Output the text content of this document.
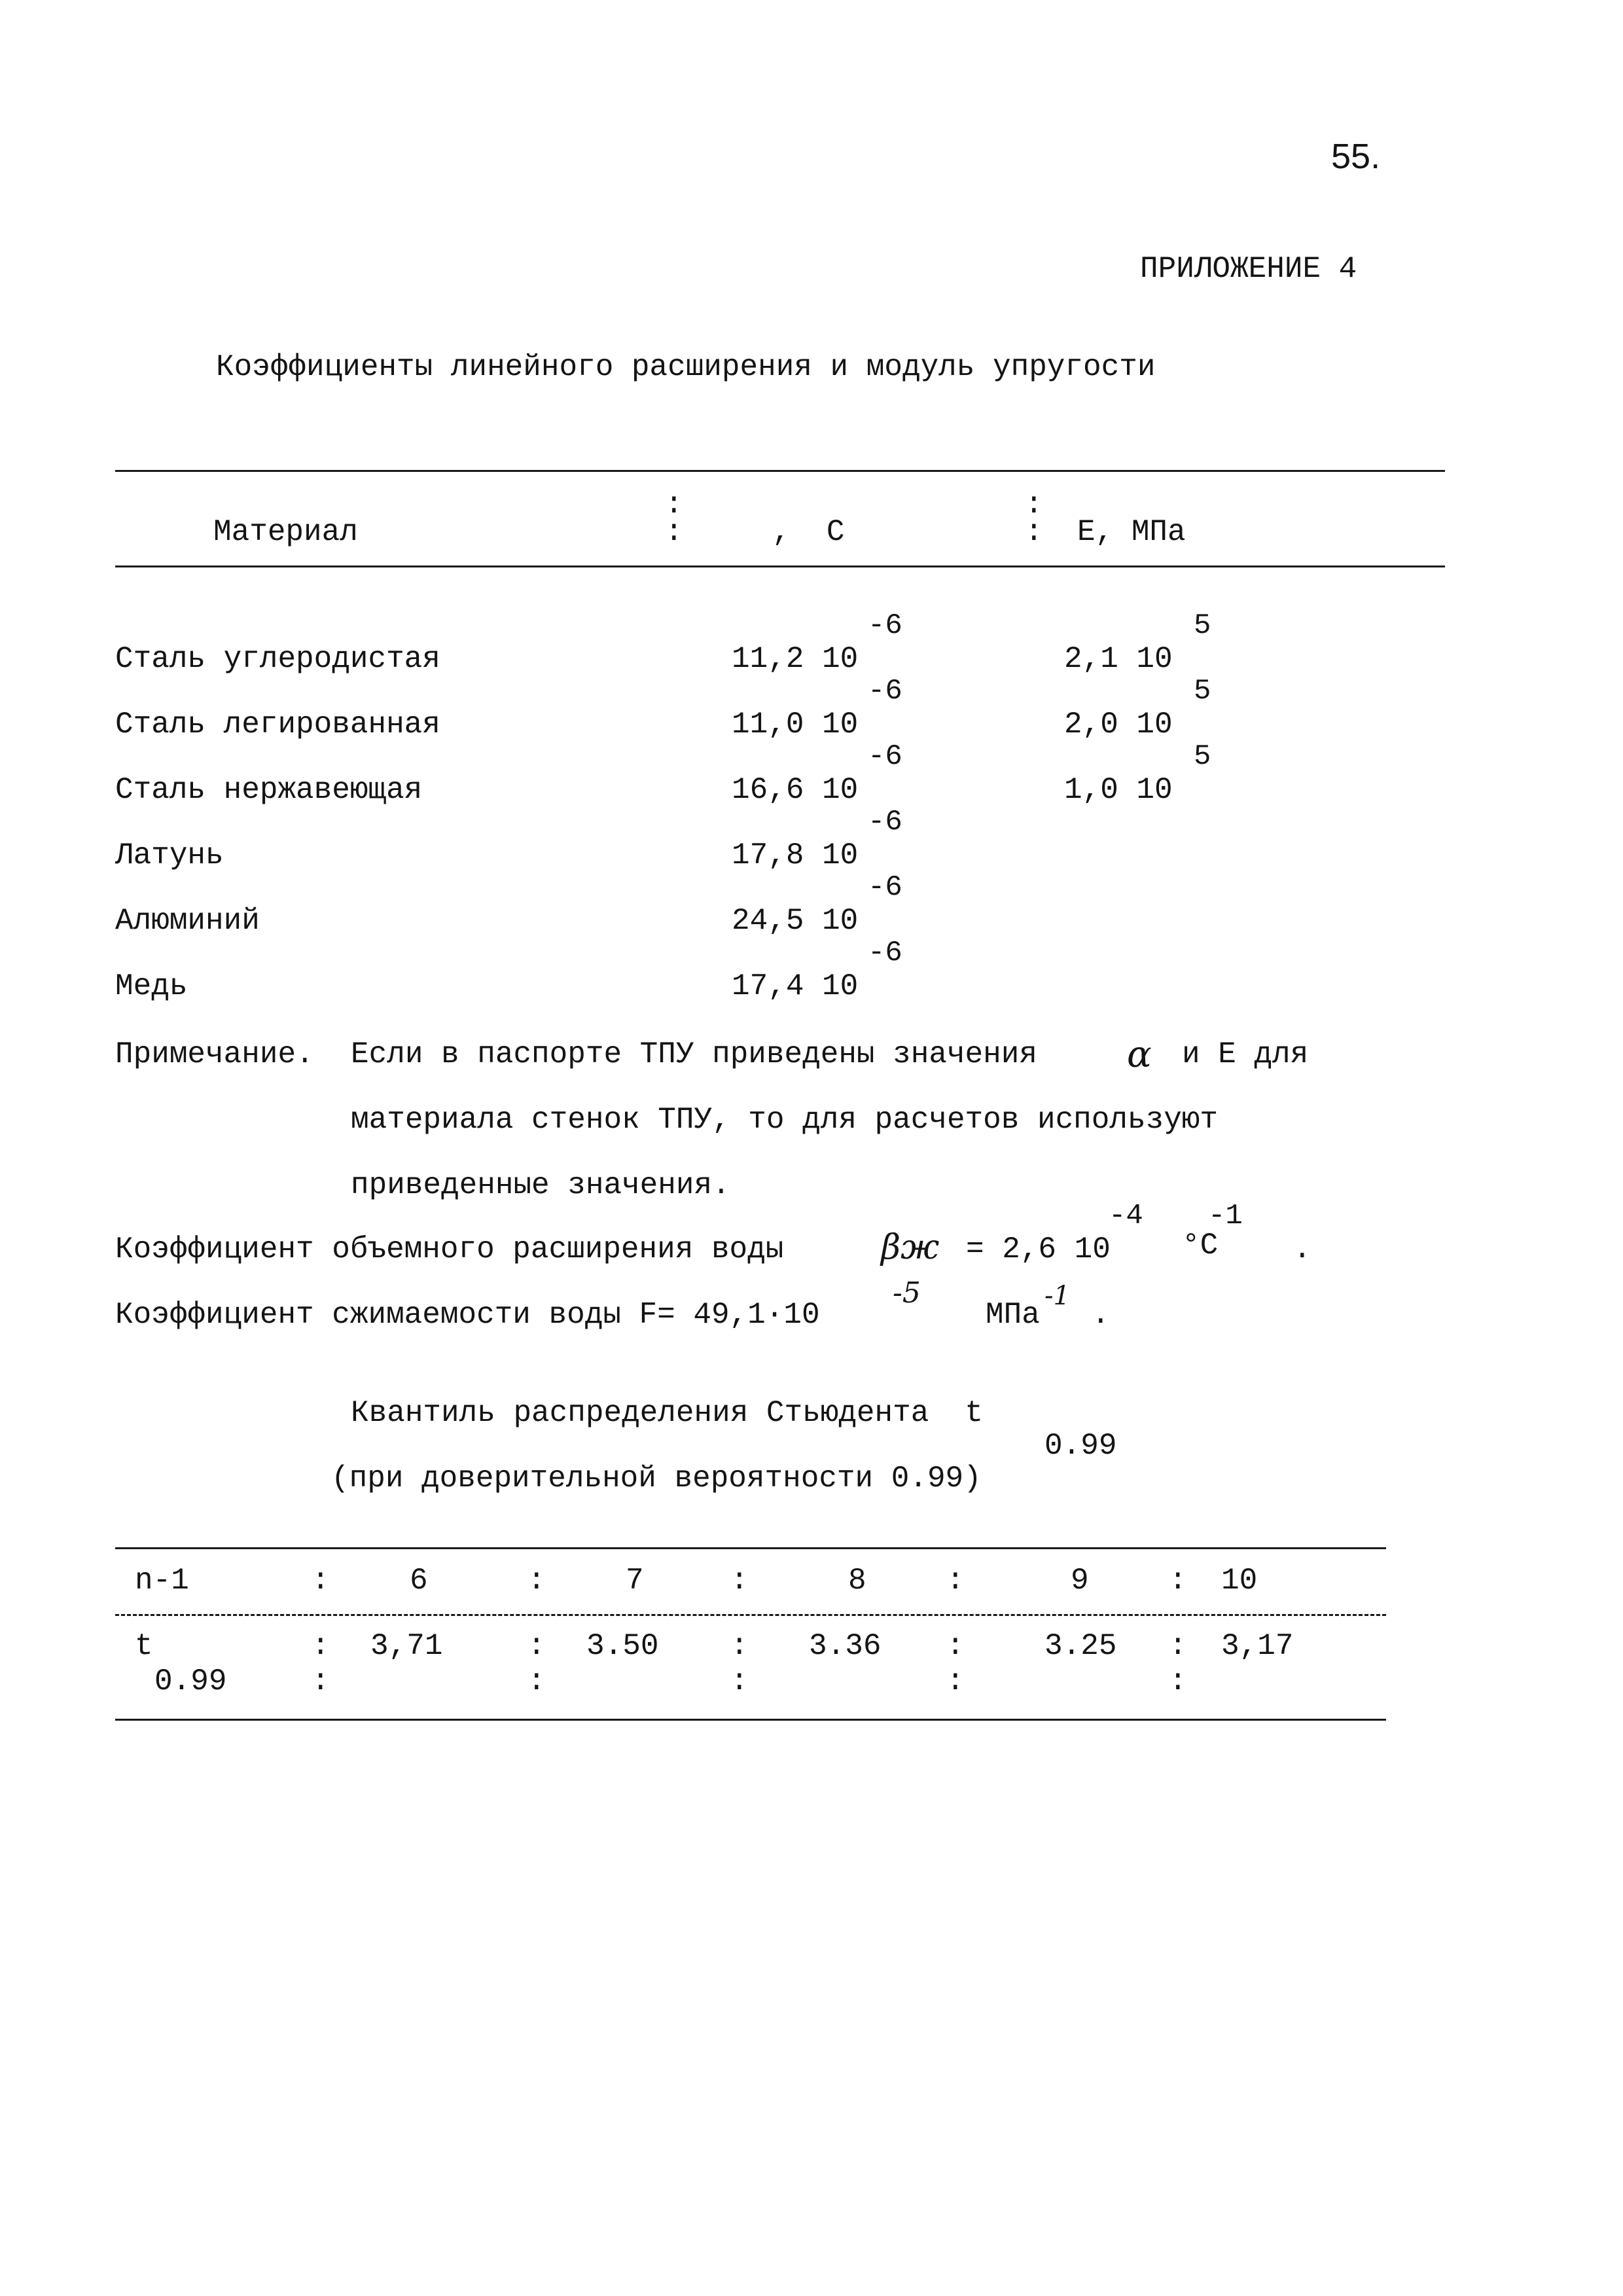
55.
ПРИЛОЖЕНИЕ 4
Коэффициенты линейного расширения и модуль упругости
:	:
Материал	:	,  С	: Е, МПа
-6	5
Сталь углеродистая	11,2 10	2,1 10
-6	5
Сталь легированная	11,0 10	2,0 10
-6	5
Сталь нержавеющая	16,6 10	1,0 10
-6
Латунь	17,8 10
-6
Алюминий	24,5 10
-6
Медь	17,4 10
Примечание. Если в паспорте ТПУ приведены значения α и Е для
материала стенок ТПУ, то для расчетов используют
приведенные значения.
-4 -1
Коэффициент объемного расширения воды	βж = 2,6 10 °С .
Коэффициент сжимаемости воды F= 49,1·10
-5
МПа
-1
.
Квантиль распределения Стьюдента  t
0.99
(при доверительной вероятности 0.99)
n-1	:	6	:	7	:	8	:	9	: 10
t	: 3,71	: 3.50 : 3.36 :	3.25 : 3,17
0.99	:	:	:	:	:
